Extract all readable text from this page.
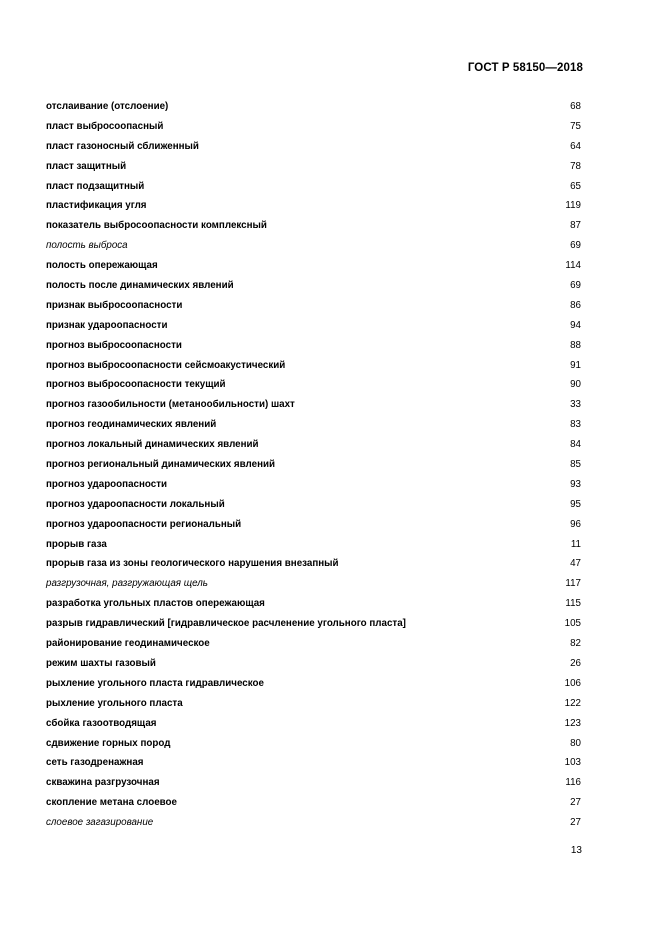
ГОСТ Р 58150—2018
отслаивание (отслоение)	68
пласт выбросоопасный	75
пласт газоносный сближенный	64
пласт защитный	78
пласт подзащитный	65
пластификация угля	119
показатель выбросоопасности комплексный	87
полость выброса	69
полость опережающая	114
полость после динамических явлений	69
признак выбросоопасности	86
признак удароопасности	94
прогноз выбросоопасности	88
прогноз выбросоопасности сейсмоакустический	91
прогноз выбросоопасности текущий	90
прогноз газообильности (метанообильности) шахт	33
прогноз геодинамических явлений	83
прогноз локальный динамических явлений	84
прогноз региональный динамических явлений	85
прогноз удароопасности	93
прогноз удароопасности локальный	95
прогноз удароопасности региональный	96
прорыв газа	11
прорыв газа из зоны геологического нарушения внезапный	47
разгрузочная, разгружающая щель	117
разработка угольных пластов опережающая	115
разрыв гидравлический [гидравлическое расчленение угольного пласта]	105
районирование геодинамическое	82
режим шахты газовый	26
рыхление угольного пласта гидравлическое	106
рыхление угольного пласта	122
сбойка газоотводящая	123
сдвижение горных пород	80
сеть газодренажная	103
скважина разгрузочная	116
скопление метана слоевое	27
слоевое загазирование	27
13
